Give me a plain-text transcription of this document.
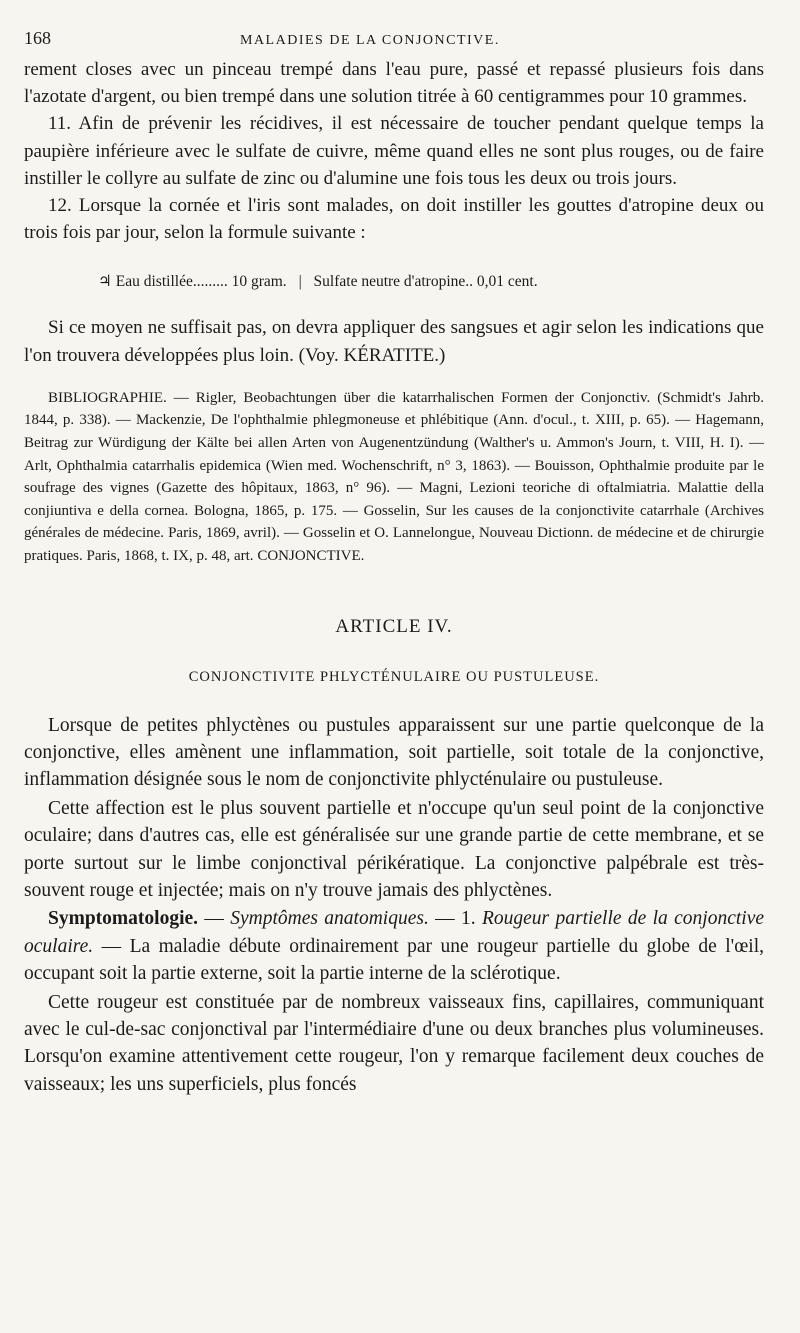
168	MALADIES DE LA CONJONCTIVE.

rement closes avec un pinceau trempé dans l'eau pure, passé et repassé plusieurs fois dans l'azotate d'argent, ou bien trempé dans une solution titrée à 60 centigrammes pour 10 grammes.

11. Afin de prévenir les récidives, il est nécessaire de toucher pendant quelque temps la paupière inférieure avec le sulfate de cuivre, même quand elles ne sont plus rouges, ou de faire instiller le collyre au sulfate de zinc ou d'alumine une fois tous les deux ou trois jours.

12. Lorsque la cornée et l'iris sont malades, on doit instiller les gouttes d'atropine deux ou trois fois par jour, selon la formule suivante :

♃ Eau distillée......... 10 gram. | Sulfate neutre d'atropine.. 0,01 cent.

Si ce moyen ne suffisait pas, on devra appliquer des sangsues et agir selon les indications que l'on trouvera développées plus loin. (Voy. KÉRATITE.)

BIBLIOGRAPHIE. — Rigler, Beobachtungen über die katarrhalischen Formen der Conjonctiv. (Schmidt's Jahrb. 1844, p. 338). — Mackenzie, De l'ophthalmie phlegmoneuse et phlébitique (Ann. d'ocul., t. XIII, p. 65). — Hagemann, Beitrag zur Würdigung der Kälte bei allen Arten von Augenentzündung (Walther's u. Ammon's Journ, t. VIII, H. I). — Arlt, Ophthalmia catarrhalis epidemica (Wien med. Wochenschrift, n° 3, 1863). — Bouisson, Ophthalmie produite par le soufrage des vignes (Gazette des hôpitaux, 1863, n° 96). — Magni, Lezioni teoriche di oftalmiatria. Malattie della conjiuntiva e della cornea. Bologna, 1865, p. 175. — Gosselin, Sur les causes de la conjonctivite catarrhale (Archives générales de médecine. Paris, 1869, avril). — Gosselin et O. Lannelongue, Nouveau Dictionn. de médecine et de chirurgie pratiques. Paris, 1868, t. IX, p. 48, art. CONJONCTIVE.
ARTICLE IV.
CONJONCTIVITE PHLYCTÉNULAIRE OU PUSTULEUSE.

Lorsque de petites phlyctènes ou pustules apparaissent sur une partie quelconque de la conjonctive, elles amènent une inflammation, soit partielle, soit totale de la conjonctive, inflammation désignée sous le nom de conjonctivite phlycténulaire ou pustuleuse.

Cette affection est le plus souvent partielle et n'occupe qu'un seul point de la conjonctive oculaire; dans d'autres cas, elle est généralisée sur une grande partie de cette membrane, et se porte surtout sur le limbe conjonctival périkératique. La conjonctive palpébrale est très-souvent rouge et injectée; mais on n'y trouve jamais des phlyctènes.

Symptomatologie. — Symptômes anatomiques. — 1. Rougeur partielle de la conjonctive oculaire. — La maladie débute ordinairement par une rougeur partielle du globe de l'œil, occupant soit la partie externe, soit la partie interne de la sclérotique.

Cette rougeur est constituée par de nombreux vaisseaux fins, capillaires, communiquant avec le cul-de-sac conjonctival par l'intermédiaire d'une ou deux branches plus volumineuses. Lorsqu'on examine attentivement cette rougeur, l'on y remarque facilement deux couches de vaisseaux; les uns superficiels, plus foncés
